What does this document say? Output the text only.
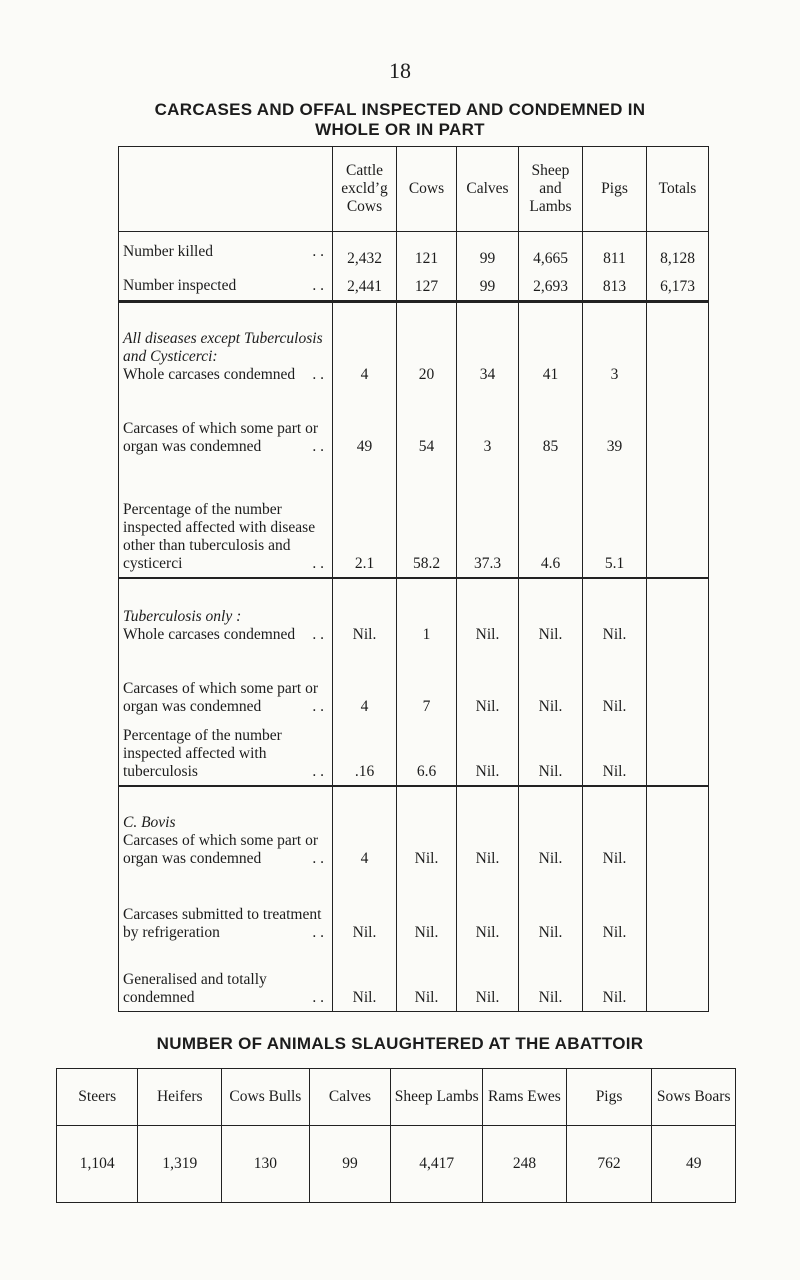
18
CARCASES AND OFFAL INSPECTED AND CONDEMNED IN
WHOLE OR IN PART
	Cattle excld’g Cows	Cows	Calves	Sheep and Lambs	Pigs	Totals
Number killed . .	2,432	121	99	4,665	811	8,128
Number inspected . .	2,441	127	99	2,693	813	6,173
All diseases except Tuberculosis and Cysticerci:
Whole carcases condemned . .	4	20	34	41	3	
Carcases of which some part or organ was condemned . .	49	54	3	85	39	
Percentage of the number inspected affected with disease other than tuberculosis and cysticerci . .	2.1	58.2	37.3	4.6	5.1	
Tuberculosis only :
Whole carcases condemned . .	Nil.	1	Nil.	Nil.	Nil.	
Carcases of which some part or organ was condemned . .	4	7	Nil.	Nil.	Nil.	
Percentage of the number inspected affected with tuberculosis . .	.16	6.6	Nil.	Nil.	Nil.	
C. Bovis
Carcases of which some part or organ was condemned . .	4	Nil.	Nil.	Nil.	Nil.	
Carcases submitted to treatment by refrigeration . .	Nil.	Nil.	Nil.	Nil.	Nil.	
Generalised and totally condemned . .	Nil.	Nil.	Nil.	Nil.	Nil.	
NUMBER OF ANIMALS SLAUGHTERED AT THE ABATTOIR
Steers	Heifers	Cows Bulls	Calves	Sheep Lambs	Rams Ewes	Pigs	Sows Boars
1,104	1,319	130	99	4,417	248	762	49
